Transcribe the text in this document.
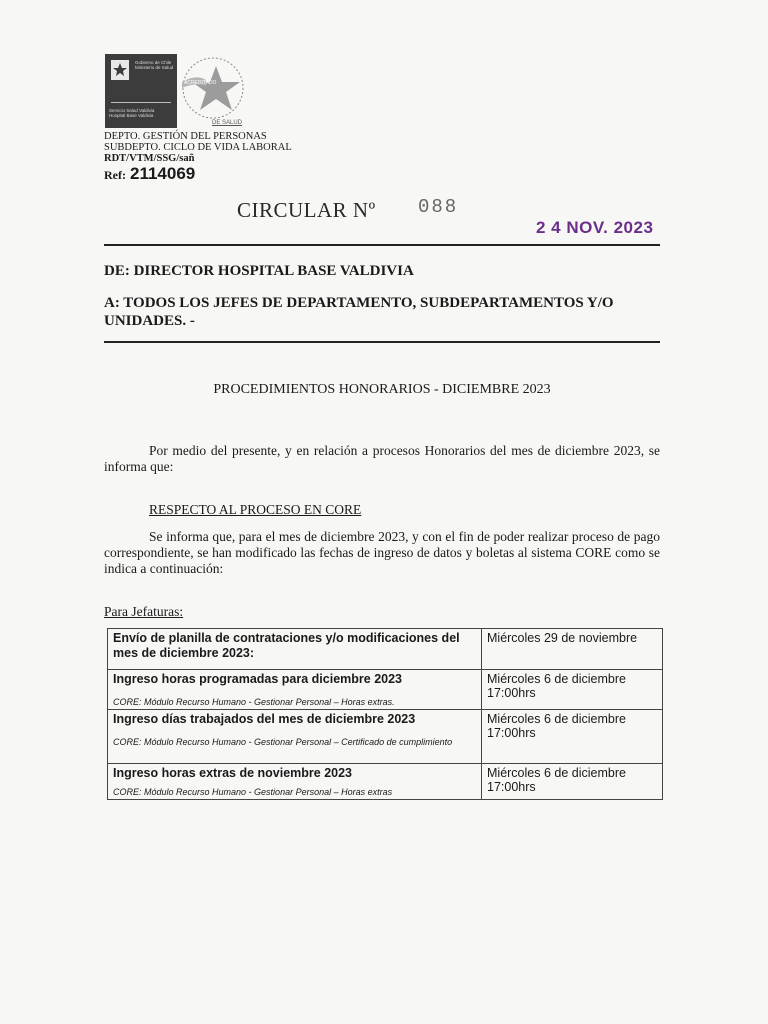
Gobierno de Chile
Ministerio de Salud
Servicio Salud Valdivia
Hospital Base Valdivia
ACREDITADO
DE SALUD
DEPTO. GESTIÓN DEL PERSONAS
SUBDEPTO. CICLO DE VIDA LABORAL
RDT/VTM/SSG/sañ
Ref: 2114069
CIRCULAR Nº 088
2 4 NOV. 2023
DE: DIRECTOR HOSPITAL BASE VALDIVIA
A: TODOS LOS JEFES DE DEPARTAMENTO, SUBDEPARTAMENTOS Y/O UNIDADES. -
PROCEDIMIENTOS HONORARIOS - DICIEMBRE 2023
Por medio del presente, y en relación a procesos Honorarios del mes de diciembre 2023, se informa que:
RESPECTO AL PROCESO EN CORE
Se informa que, para el mes de diciembre 2023, y con el fin de poder realizar proceso de pago correspondiente, se han modificado las fechas de ingreso de datos y boletas al sistema CORE como se indica a continuación:
Para Jefaturas:
Envío de planilla de contrataciones y/o modificaciones del mes de diciembre 2023:	Miércoles 29 de noviembre

Ingreso horas programadas para diciembre 2023
CORE: Módulo Recurso Humano - Gestionar Personal – Horas extras.	Miércoles 6 de diciembre 17:00hrs

Ingreso días trabajados del mes de diciembre 2023
CORE: Módulo Recurso Humano - Gestionar Personal – Certificado de cumplimiento	Miércoles 6 de diciembre 17:00hrs

Ingreso horas extras de noviembre 2023
CORE: Módulo Recurso Humano - Gestionar Personal – Horas extras	Miércoles 6 de diciembre 17:00hrs
